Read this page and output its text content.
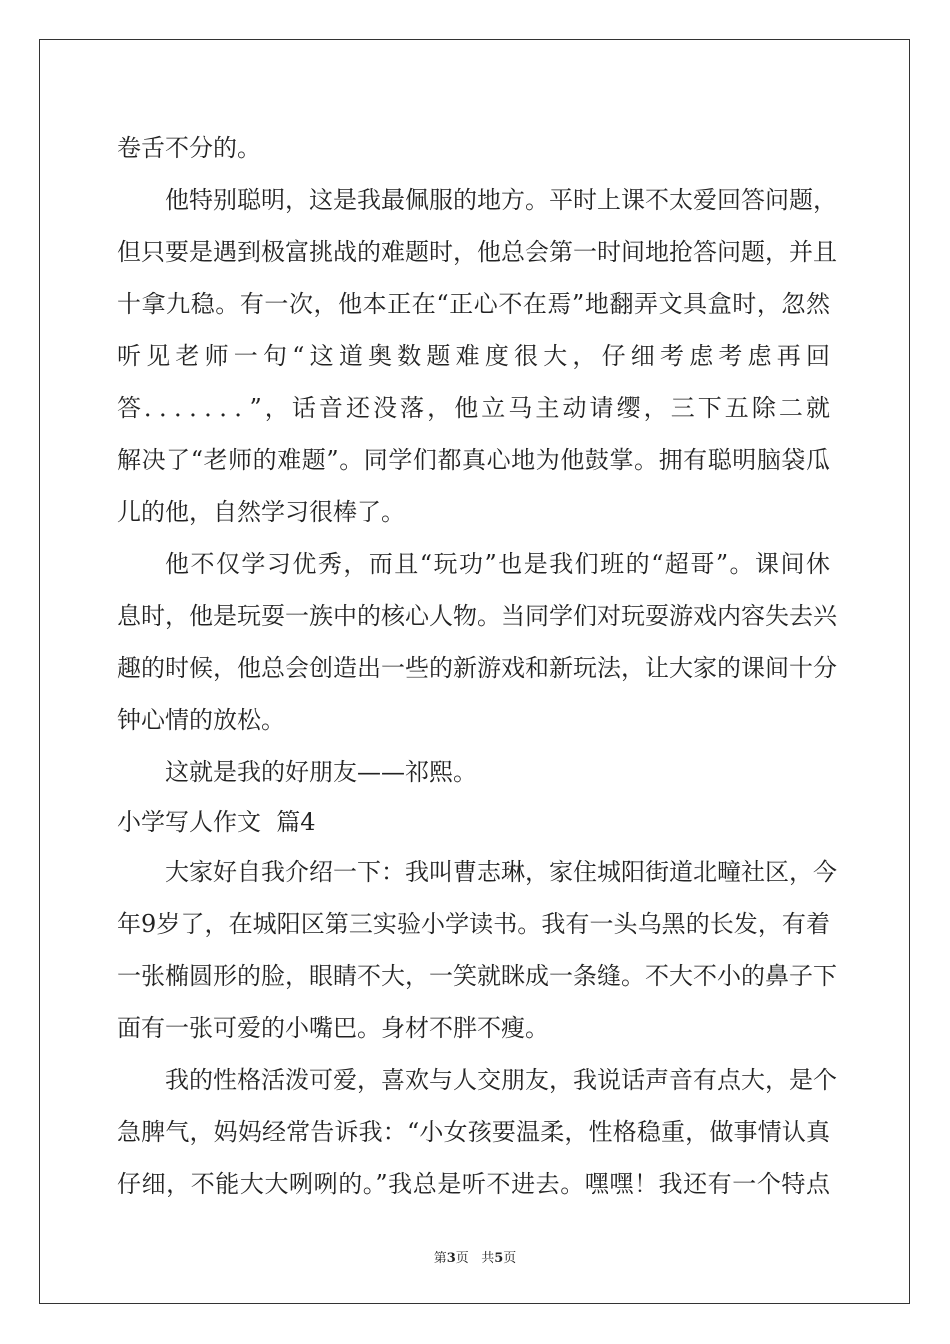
卷舌不分的。
他特别聪明，这是我最佩服的地方。平时上课不太爱回答问题，
但只要是遇到极富挑战的难题时，他总会第一时间地抢答问题，并且
十拿九稳。有一次，他本正在“正心不在焉”地翻弄文具盒时，忽然
听见老师一句“这道奥数题难度很大，仔细考虑考虑再回
答．．．．．．．”，话音还没落，他立马主动请缨，三下五除二就
解决了“老师的难题”。同学们都真心地为他鼓掌。拥有聪明脑袋瓜
儿的他，自然学习很棒了。
他不仅学习优秀，而且“玩功”也是我们班的“超哥”。课间休
息时，他是玩耍一族中的核心人物。当同学们对玩耍游戏内容失去兴
趣的时候，他总会创造出一些的新游戏和新玩法，让大家的课间十分
钟心情的放松。
这就是我的好朋友——祁熙。
小学写人作文  篇4
大家好自我介绍一下：我叫曹志琳，家住城阳街道北疃社区，今
年9岁了，在城阳区第三实验小学读书。我有一头乌黑的长发，有着
一张椭圆形的脸，眼睛不大，一笑就眯成一条缝。不大不小的鼻子下
面有一张可爱的小嘴巴。身材不胖不瘦。
我的性格活泼可爱，喜欢与人交朋友，我说话声音有点大，是个
急脾气，妈妈经常告诉我：“小女孩要温柔，性格稳重，做事情认真
仔细，不能大大咧咧的。”我总是听不进去。嘿嘿！我还有一个特点
第3页 共5页
